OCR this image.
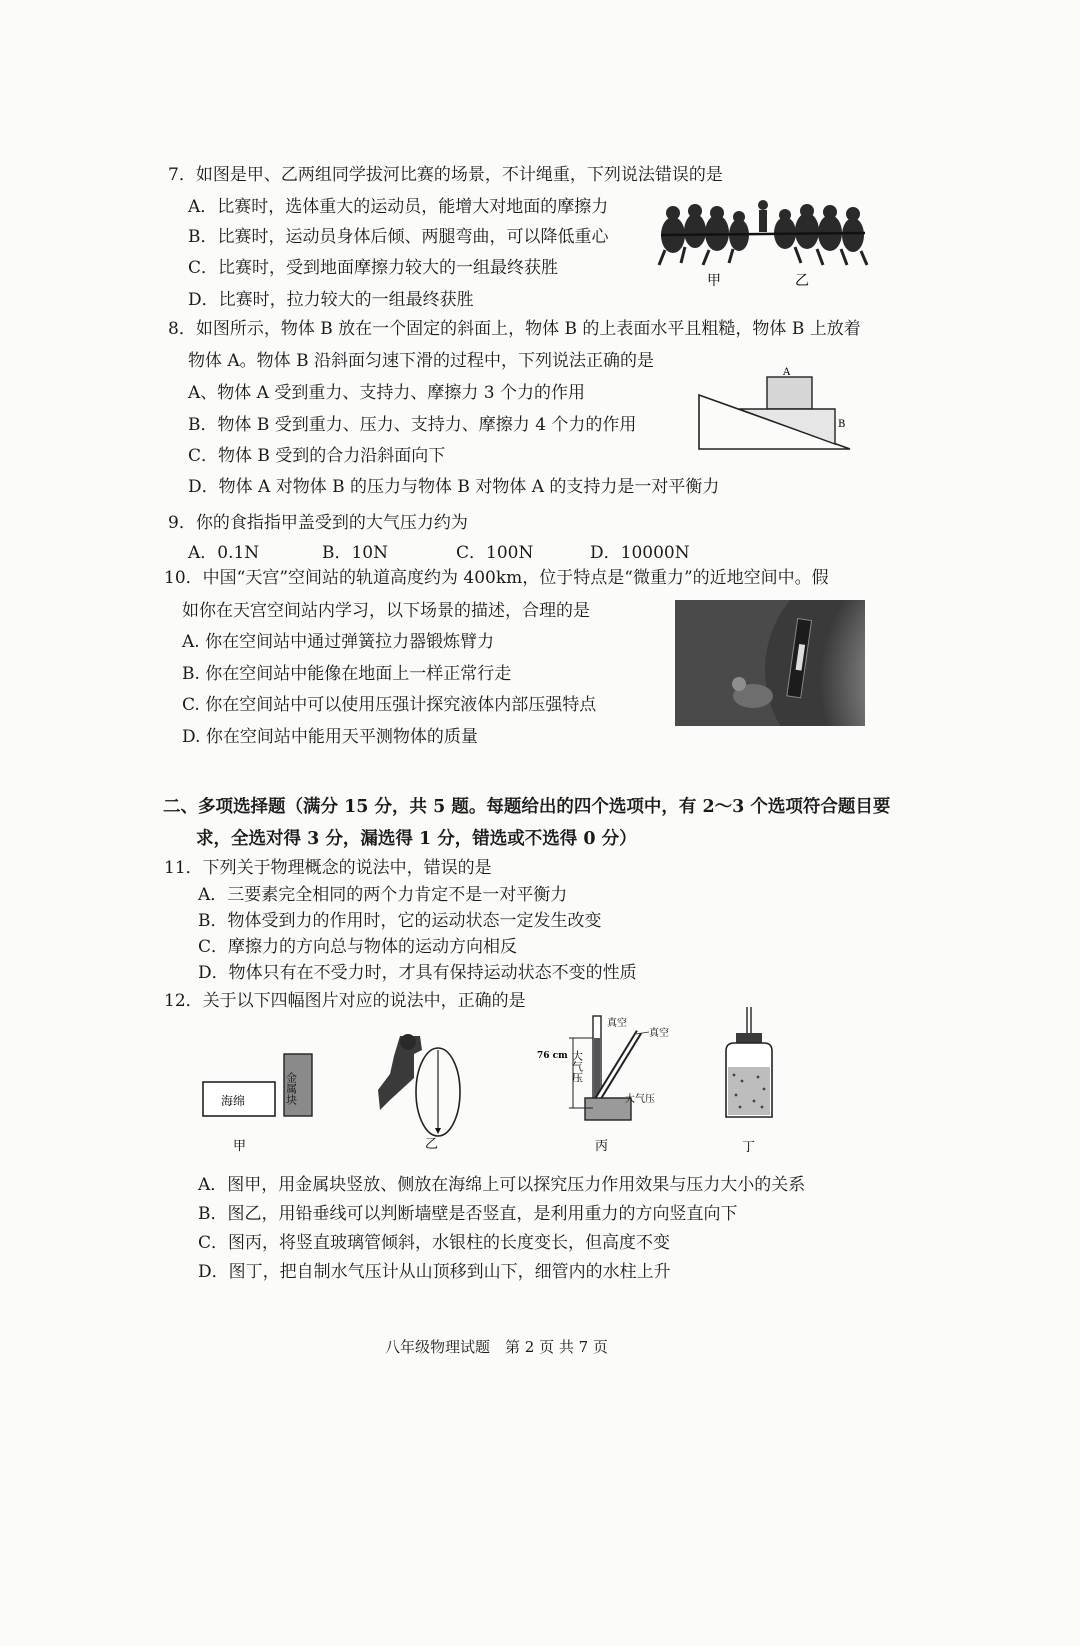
7．如图是甲、乙两组同学拔河比赛的场景，不计绳重，下列说法错误的是
A．比赛时，选体重大的运动员，能增大对地面的摩擦力
B．比赛时，运动员身体后倾、两腿弯曲，可以降低重心
C．比赛时，受到地面摩擦力较大的一组最终获胜
D．比赛时，拉力较大的一组最终获胜
甲	乙
8．如图所示，物体 B 放在一个固定的斜面上，物体 B 的上表面水平且粗糙，物体 B 上放着
物体 A。物体 B 沿斜面匀速下滑的过程中，下列说法正确的是
A、物体 A 受到重力、支持力、摩擦力 3 个力的作用
B．物体 B 受到重力、压力、支持力、摩擦力 4 个力的作用
C．物体 B 受到的合力沿斜面向下
D．物体 A 对物体 B 的压力与物体 B 对物体 A 的支持力是一对平衡力
A
B
9．你的食指指甲盖受到的大气压力约为
A．0.1N	B．10N	C．100N	D．10000N
10．中国“天宫”空间站的轨道高度约为 400km，位于特点是“微重力”的近地空间中。假
如你在天宫空间站内学习，以下场景的描述，合理的是
A. 你在空间站中通过弹簧拉力器锻炼臂力
B. 你在空间站中能像在地面上一样正常行走
C. 你在空间站中可以使用压强计探究液体内部压强特点
D. 你在空间站中能用天平测物体的质量
二、多项选择题（满分 15 分，共 5 题。每题给出的四个选项中，有 2～3 个选项符合题目要
求，全选对得 3 分，漏选得 1 分，错选或不选得 0 分）
11．下列关于物理概念的说法中，错误的是
A．三要素完全相同的两个力肯定不是一对平衡力
B．物体受到力的作用时，它的运动状态一定发生改变
C．摩擦力的方向总与物体的运动方向相反
D．物体只有在不受力时，才具有保持运动状态不变的性质
12．关于以下四幅图片对应的说法中，正确的是
海绵	金属块
甲	乙
真空
真空
76 cm 大气压
大气压
丙	丁
A．图甲，用金属块竖放、侧放在海绵上可以探究压力作用效果与压力大小的关系
B．图乙，用铅垂线可以判断墙壁是否竖直，是利用重力的方向竖直向下
C．图丙，将竖直玻璃管倾斜，水银柱的长度变长，但高度不变
D．图丁，把自制水气压计从山顶移到山下，细管内的水柱上升
八年级物理试题　第 2 页 共 7 页
